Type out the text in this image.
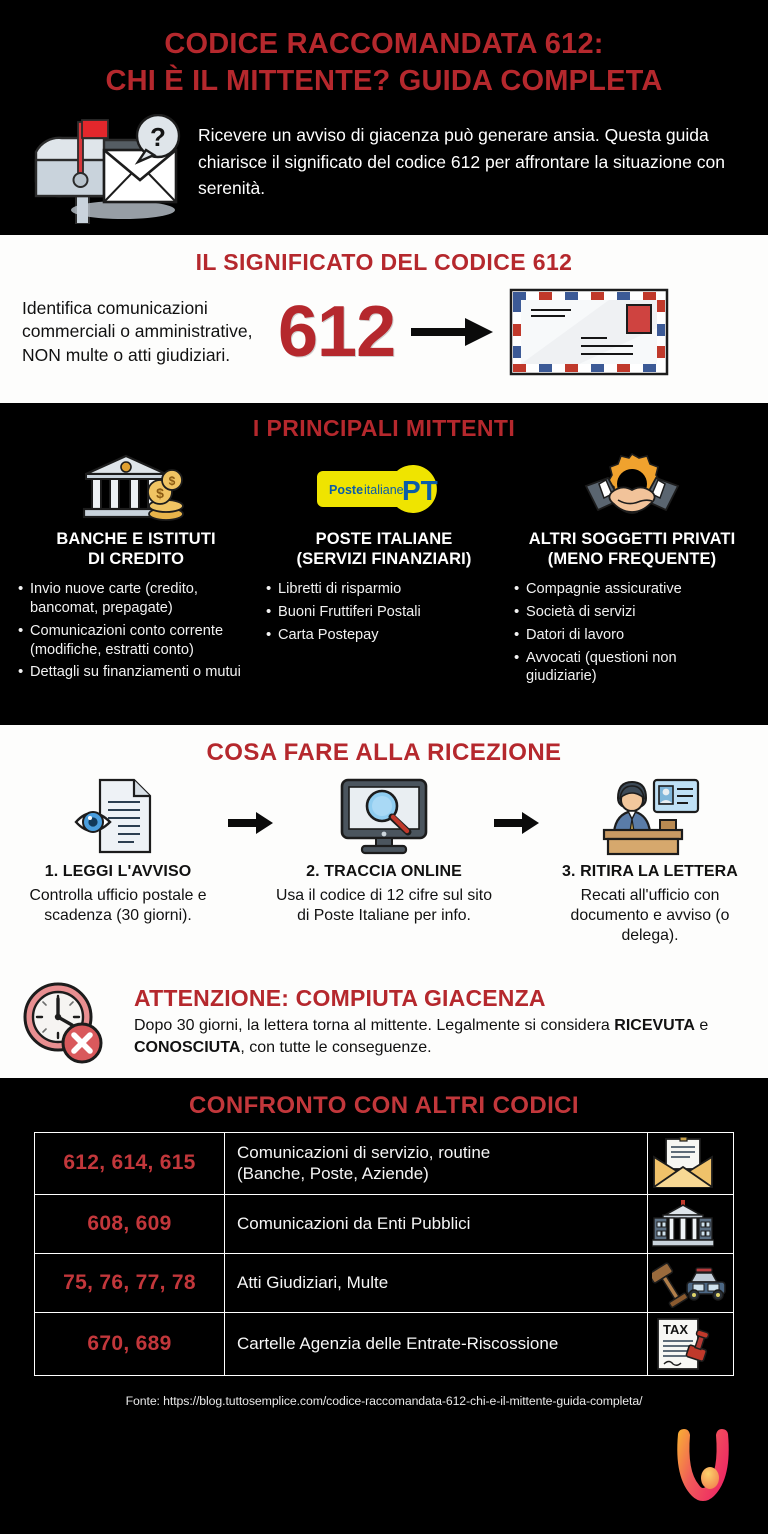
CODICE RACCOMANDATA 612:
CHI È IL MITTENTE? GUIDA COMPLETA
? Ricevere un avviso di giacenza può generare ansia. Questa guida chiarisce il significato del codice 612 per affrontare la situazione con serenità.

IL SIGNIFICATO DEL CODICE 612

Identifica comunicazioni commerciali o amministrative, NON multe o atti giudiziari. 612
I PRINCIPALI MITTENTI
$
$
BANCHE E ISTITUTI
DI CREDITO
• Invio nuove carte (credito, bancomat, prepagate)
• Comunicazioni conto corrente (modifiche, estratti conto)
• Dettagli su finanziamenti o mutui
Poste italiane
PT
POSTE ITALIANE
(SERVIZI FINANZIARI)
• Libretti di risparmio
• Buoni Fruttiferi Postali
• Carta Postepay
ALTRI SOGGETTI PRIVATI
(MENO FREQUENTE)
• Compagnie assicurative
• Società di servizi
• Datori di lavoro
• Avvocati (questioni non giudiziarie)
COSA FARE ALLA RICEZIONE
1. LEGGI L'AVVISO

Controlla ufficio postale e scadenza (30 giorni).

2. TRACCIA ONLINE

Usa il codice di 12 cifre sul sito di Poste Italiane per info.

3. RITIRA LA LETTERA

Recati all'ufficio con documento e avviso (o delega).

ATTENZIONE: COMPIUTA GIACENZA

Dopo 30 giorni, la lettera torna al mittente. Legalmente si considera RICEVUTA e CONOSCIUTA, con tutte le conseguenze.

CONFRONTO CON ALTRI CODICI
612, 614, 615	Comunicazioni di servizio, routine
(Banche, Poste, Aziende)	

608, 609	Comunicazioni da Enti Pubblici	

75, 76, 77, 78	Atti Giudiziari, Multe	

670, 689	Cartelle Agenzia delle Entrate-Riscossione	TAX
Fonte: https://blog.tuttosemplice.com/codice-raccomandata-612-chi-e-il-mittente-guida-completa/
